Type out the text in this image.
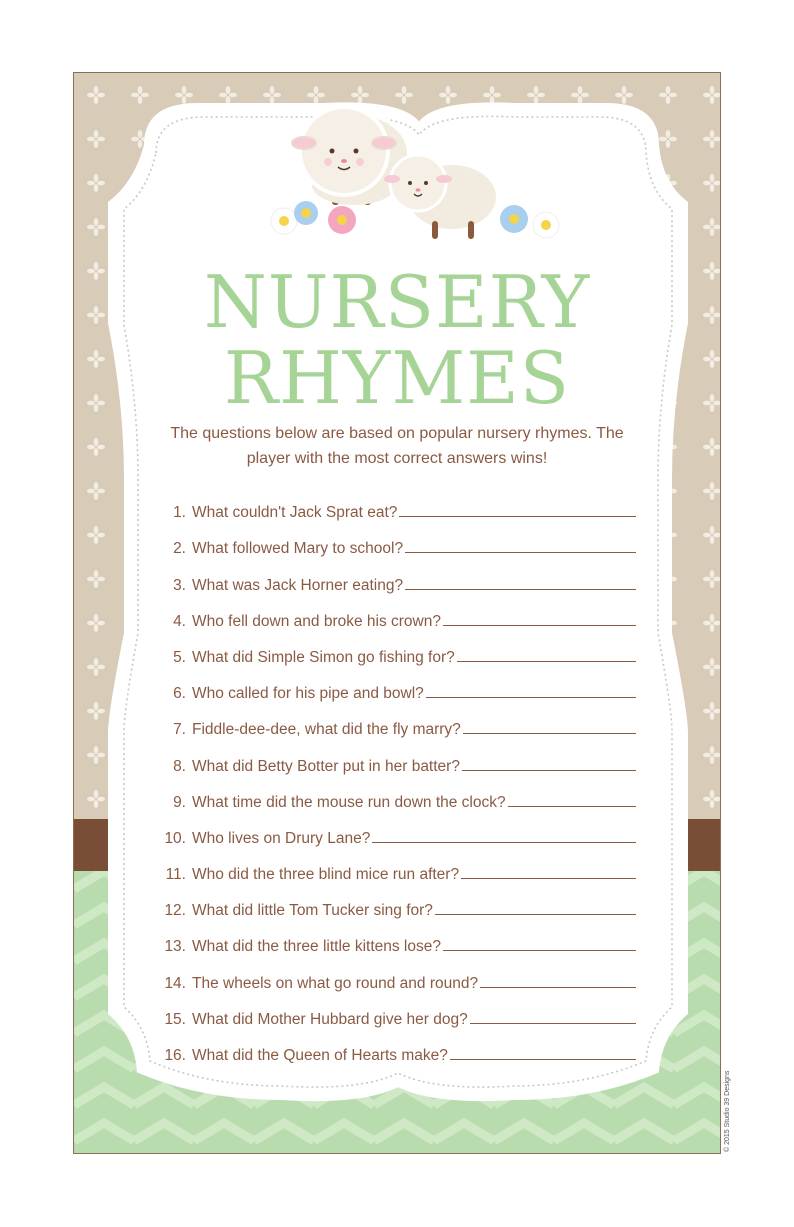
NURSERY
RHYMES

The questions below are based on popular nursery rhymes. The player with the most correct answers wins!

1. What couldn't Jack Sprat eat?
2. What followed Mary to school?
3. What was Jack Horner eating?
4. Who fell down and broke his crown?
5. What did Simple Simon go fishing for?
6. Who called for his pipe and bowl?
7. Fiddle-dee-dee, what did the fly marry?
8. What did Betty Botter put in her batter?
9. What time did the mouse run down the clock?
10. Who lives on Drury Lane?
11. Who did the three blind mice run after?
12. What did little Tom Tucker sing for?
13. What did the three little kittens lose?
14. The wheels on what go round and round?
15. What did Mother Hubbard give her dog?
16. What did the Queen of Hearts make?
© 2015 Studio 39 Designs
